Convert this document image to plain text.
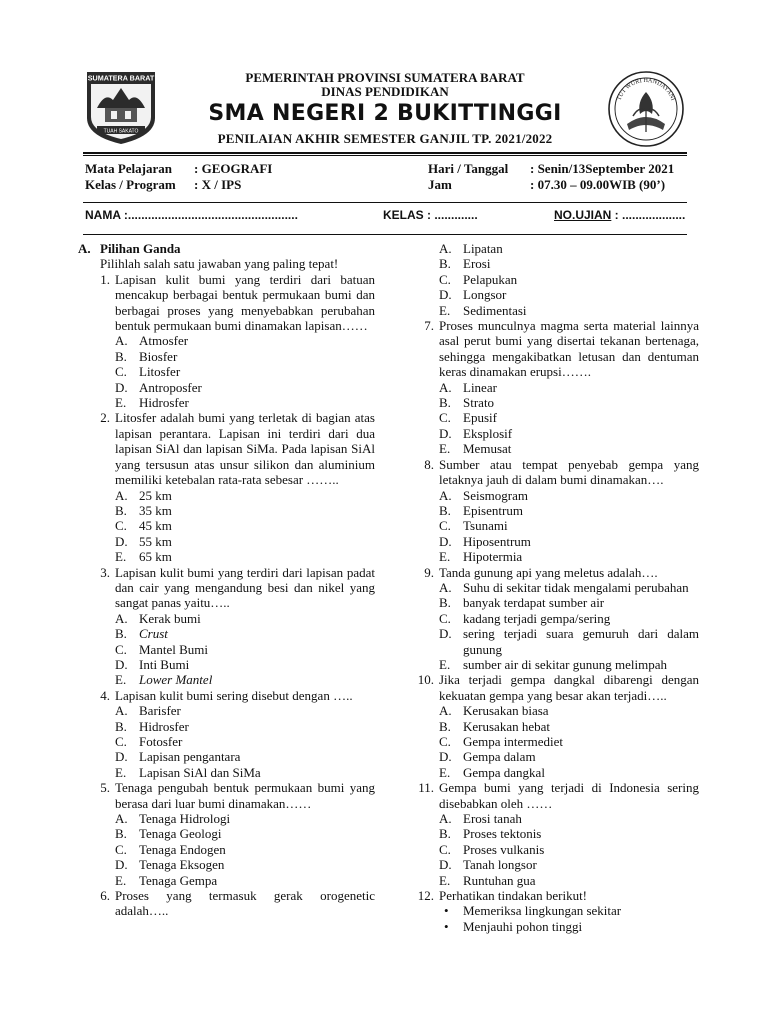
SUMATERA BARAT
TUAH SAKATO
TUT WURI HANDAYANI
PEMERINTAH PROVINSI SUMATERA BARAT
DINAS PENDIDIKAN
SMA NEGERI 2 BUKITTINGGI
PENILAIAN AKHIR SEMESTER GANJIL TP. 2021/2022
Mata Pelajaran : GEOGRAFI
Kelas / Program : X / IPS
Hari / Tanggal : Senin/13September 2021
Jam	: 07.30 – 09.00WIB (90’)
NAMA :...................................................	KELAS : .............	NO.UJIAN : ...................

A. Pilihan Ganda

Pilihlah salah satu jawaban yang paling tepat!

1. Lapisan kulit bumi yang terdiri dari batuan mencakup berbagai bentuk permukaan bumi dan berbagai proses yang menyebabkan perubahan bentuk permukaan bumi dinamakan lapisan……

A. Atmosfer

B. Biosfer

C. Litosfer

D. Antroposfer

E. Hidrosfer

2. Litosfer adalah bumi yang terletak di bagian atas lapisan perantara. Lapisan ini terdiri dari dua lapisan SiAl dan lapisan SiMa. Pada lapisan SiAl yang tersusun atas unsur silikon dan aluminium memiliki ketebalan rata-rata sebesar ……..

A. 25 km

B. 35 km

C. 45 km

D. 55 km

E. 65 km

3. Lapisan kulit bumi yang terdiri dari lapisan padat dan cair yang mengandung besi dan nikel yang sangat panas yaitu…..

A. Kerak bumi

B. Crust

C. Mantel Bumi

D. Inti Bumi

E. Lower Mantel

4. Lapisan kulit bumi sering disebut dengan …..

A. Barisfer

B. Hidrosfer

C. Fotosfer

D. Lapisan pengantara

E. Lapisan SiAl dan SiMa

5. Tenaga pengubah bentuk permukaan bumi yang berasa dari luar bumi dinamakan……

A. Tenaga Hidrologi

B. Tenaga Geologi

C. Tenaga Endogen

D. Tenaga Eksogen

E. Tenaga Gempa

6. Proses yang termasuk gerak orogenetic adalah…..

A. Lipatan

B. Erosi

C. Pelapukan

D. Longsor

E. Sedimentasi

7. Proses munculnya magma serta material lainnya asal perut bumi yang disertai tekanan bertenaga, sehingga mengakibatkan letusan dan dentuman keras dinamakan erupsi…….

A. Linear

B. Strato

C. Epusif

D. Eksplosif

E. Memusat

8. Sumber atau tempat penyebab gempa yang letaknya jauh di dalam bumi dinamakan….

A. Seismogram

B. Episentrum

C. Tsunami

D. Hiposentrum

E. Hipotermia

9. Tanda gunung api yang meletus adalah….

A. Suhu di sekitar tidak mengalami perubahan

B. banyak terdapat sumber air

C. kadang terjadi gempa/sering

D. sering terjadi suara gemuruh dari dalam gunung

E. sumber air di sekitar gunung melimpah

10. Jika terjadi gempa dangkal dibarengi dengan kekuatan gempa yang besar akan terjadi…..

A. Kerusakan biasa

B. Kerusakan hebat

C. Gempa intermediet

D. Gempa dalam

E. Gempa dangkal

11. Gempa bumi yang terjadi di Indonesia sering disebabkan oleh ……

A. Erosi tanah

B. Proses tektonis

C. Proses vulkanis

D. Tanah longsor

E. Runtuhan gua

12. Perhatikan tindakan berikut!

• Memeriksa lingkungan sekitar

• Menjauhi pohon tinggi
